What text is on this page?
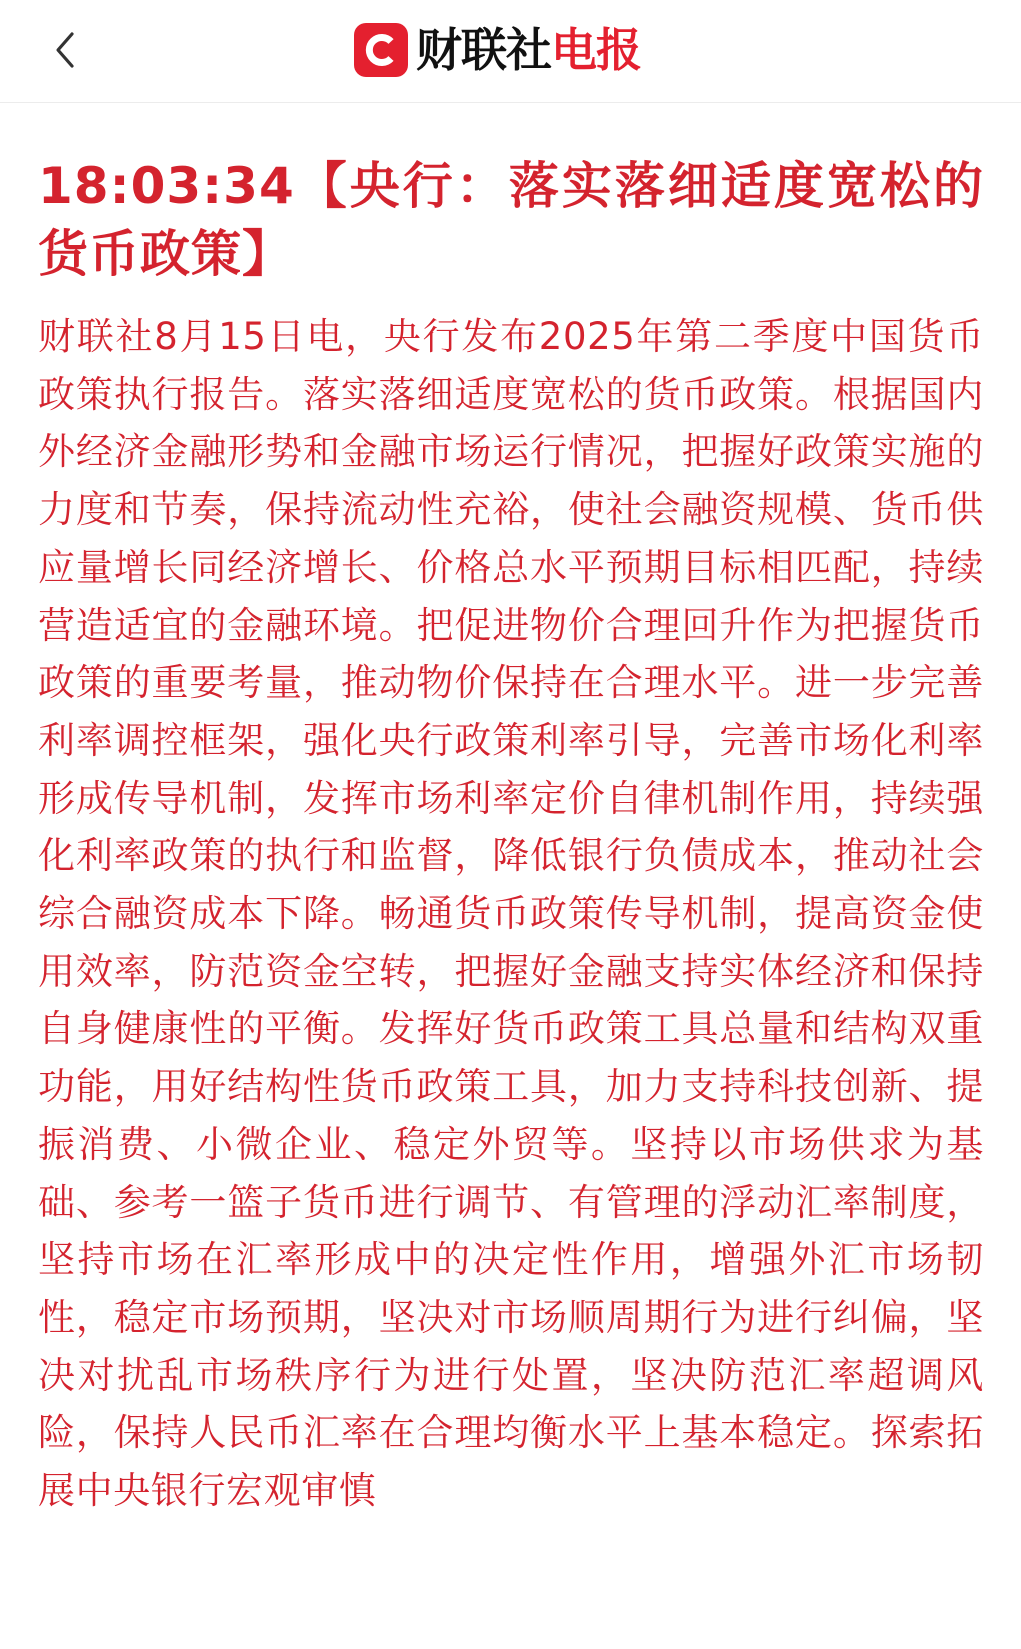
财联社电报
18:03:34【央行：落实落细适度宽松的货币政策】

财联社8月15日电，央行发布2025年第二季度中国货币政策执行报告。落实落细适度宽松的货币政策。根据国内外经济金融形势和金融市场运行情况，把握好政策实施的力度和节奏，保持流动性充裕，使社会融资规模、货币供应量增长同经济增长、价格总水平预期目标相匹配，持续营造适宜的金融环境。把促进物价合理回升作为把握货币政策的重要考量，推动物价保持在合理水平。进一步完善利率调控框架，强化央行政策利率引导，完善市场化利率形成传导机制，发挥市场利率定价自律机制作用，持续强化利率政策的执行和监督，降低银行负债成本，推动社会综合融资成本下降。畅通货币政策传导机制，提高资金使用效率，防范资金空转，把握好金融支持实体经济和保持自身健康性的平衡。发挥好货币政策工具总量和结构双重功能，用好结构性货币政策工具，加力支持科技创新、提振消费、小微企业、稳定外贸等。坚持以市场供求为基础、参考一篮子货币进行调节、有管理的浮动汇率制度，坚持市场在汇率形成中的决定性作用，增强外汇市场韧性，稳定市场预期，坚决对市场顺周期行为进行纠偏，坚决对扰乱市场秩序行为进行处置，坚决防范汇率超调风险，保持人民币汇率在合理均衡水平上基本稳定。探索拓展中央银行宏观审慎
